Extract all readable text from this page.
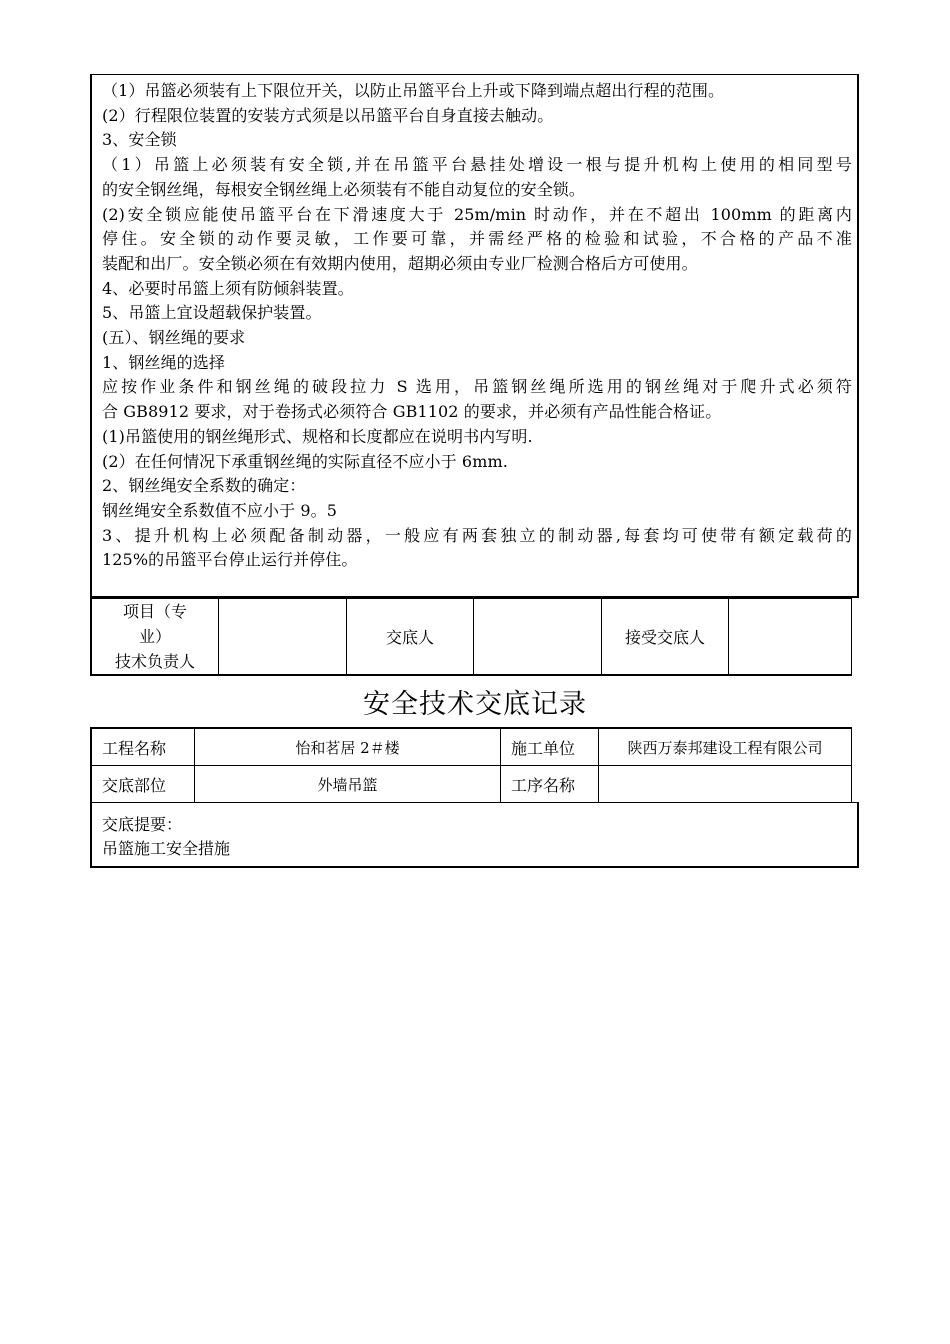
（1）吊篮必须装有上下限位开关，以防止吊篮平台上升或下降到端点超出行程的范围。
(2）行程限位装置的安装方式须是以吊篮平台自身直接去触动。
3、安全锁
（1）吊篮上必须装有安全锁,并在吊篮平台悬挂处增设一根与提升机构上使用的相同型号
的安全钢丝绳，每根安全钢丝绳上必须装有不能自动复位的安全锁。
(2)安全锁应能使吊篮平台在下滑速度大于 25m/min 时动作，并在不超出 100mm 的距离内
停住。安全锁的动作要灵敏，工作要可靠，并需经严格的检验和试验，不合格的产品不准
装配和出厂。安全锁必须在有效期内使用，超期必须由专业厂检测合格后方可使用。
4、必要时吊篮上须有防倾斜装置。
5、吊篮上宜设超载保护装置。
(五）、钢丝绳的要求
1、钢丝绳的选择
应按作业条件和钢丝绳的破段拉力 S 选用，吊篮钢丝绳所选用的钢丝绳对于爬升式必须符
合 GB8912 要求，对于卷扬式必须符合 GB1102 的要求，并必须有产品性能合格证。
(1)吊篮使用的钢丝绳形式、规格和长度都应在说明书内写明.
(2）在任何情况下承重钢丝绳的实际直径不应小于 6mm.
2、钢丝绳安全系数的确定：
钢丝绳安全系数值不应小于 9。5
3、提升机构上必须配备制动器，一般应有两套独立的制动器,每套均可使带有额定载荷的
125%的吊篮平台停止运行并停住。
项目（专
业）
技术负责人
		交底人		接受交底人	
安全技术交底记录
工程名称	怡和茗居 2＃楼	施工单位	陕西万泰邦建设工程有限公司
交底部位	外墙吊篮	工序名称	
交底提要：
吊篮施工安全措施
